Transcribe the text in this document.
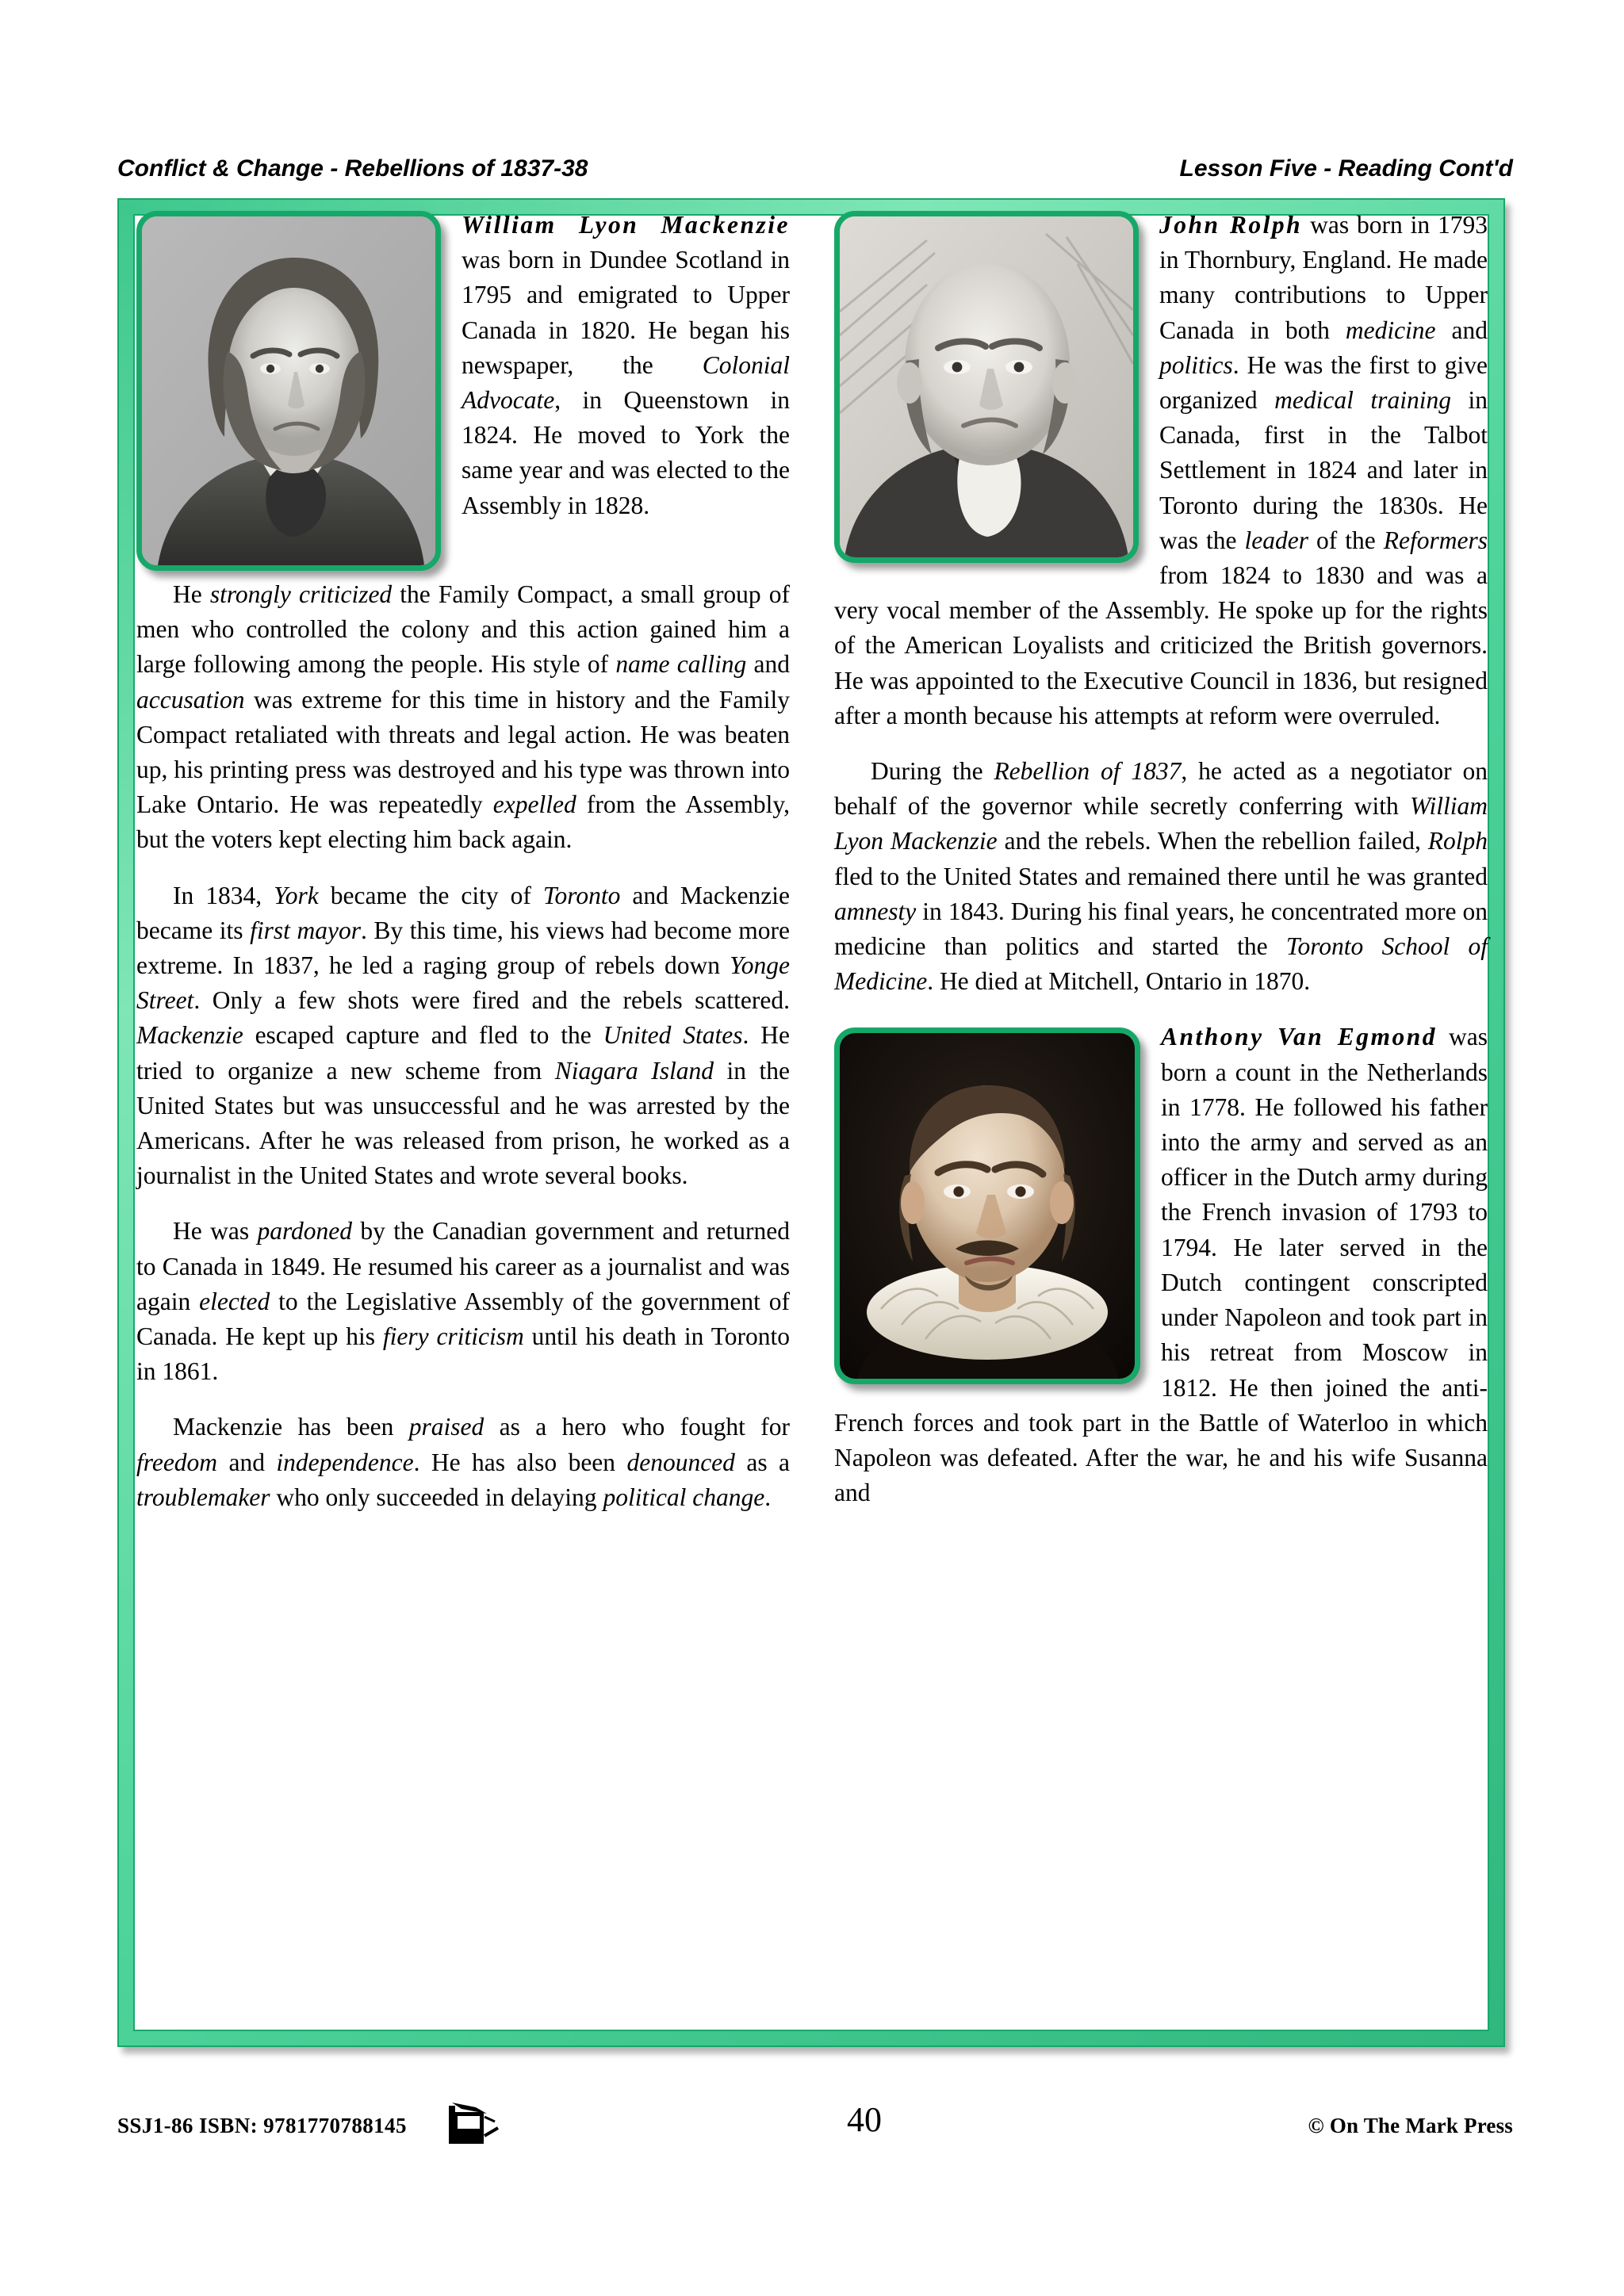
Conflict & Change - Rebellions of 1837-38	Lesson Five - Reading Cont'd

William Lyon Mackenzie was born in Dundee Scotland in 1795 and emigrated to Upper Canada in 1820. He began his newspaper, the Colonial Advocate, in Queenstown in 1824. He moved to York the same year and was elected to the Assembly in 1828.

He strongly criticized the Family Compact, a small group of men who controlled the colony and this action gained him a large following among the people. His style of name calling and accusation was extreme for this time in history and the Family Compact retaliated with threats and legal action. He was beaten up, his printing press was destroyed and his type was thrown into Lake Ontario. He was repeatedly expelled from the Assembly, but the voters kept electing him back again.

In 1834, York became the city of Toronto and Mackenzie became its first mayor. By this time, his views had become more extreme. In 1837, he led a raging group of rebels down Yonge Street. Only a few shots were fired and the rebels scattered. Mackenzie escaped capture and fled to the United States. He tried to organize a new scheme from Niagara Island in the United States but was unsuccessful and he was arrested by the Americans. After he was released from prison, he worked as a journalist in the United States and wrote several books.

He was pardoned by the Canadian government and returned to Canada in 1849. He resumed his career as a journalist and was again elected to the Legislative Assembly of the government of Canada. He kept up his fiery criticism until his death in Toronto in 1861.

Mackenzie has been praised as a hero who fought for freedom and independence. He has also been denounced as a troublemaker who only succeeded in delaying political change.

John Rolph was born in 1793 in Thornbury, England. He made many contributions to Upper Canada in both medicine and politics. He was the first to give organized medical training in Canada, first in the Talbot Settlement in 1824 and later in Toronto during the 1830s. He was the leader of the Reformers from 1824 to 1830 and was a very vocal member of the Assembly. He spoke up for the rights of the American Loyalists and criticized the British governors. He was appointed to the Executive Council in 1836, but resigned after a month because his attempts at reform were overruled.

During the Rebellion of 1837, he acted as a negotiator on behalf of the governor while secretly conferring with William Lyon Mackenzie and the rebels. When the rebellion failed, Rolph fled to the United States and remained there until he was granted amnesty in 1843. During his final years, he concentrated more on medicine than politics and started the Toronto School of Medicine. He died at Mitchell, Ontario in 1870.

Anthony Van Egmond was born a count in the Netherlands in 1778. He followed his father into the army and served as an officer in the Dutch army during the French invasion of 1793 to 1794. He later served in the Dutch contingent conscripted under Napoleon and took part in his retreat from Moscow in 1812. He then joined the anti-French forces and took part in the Battle of Waterloo in which Napoleon was defeated. After the war, he and his wife Susanna and

SSJ1-86 ISBN: 9781770788145	40	© On The Mark Press
